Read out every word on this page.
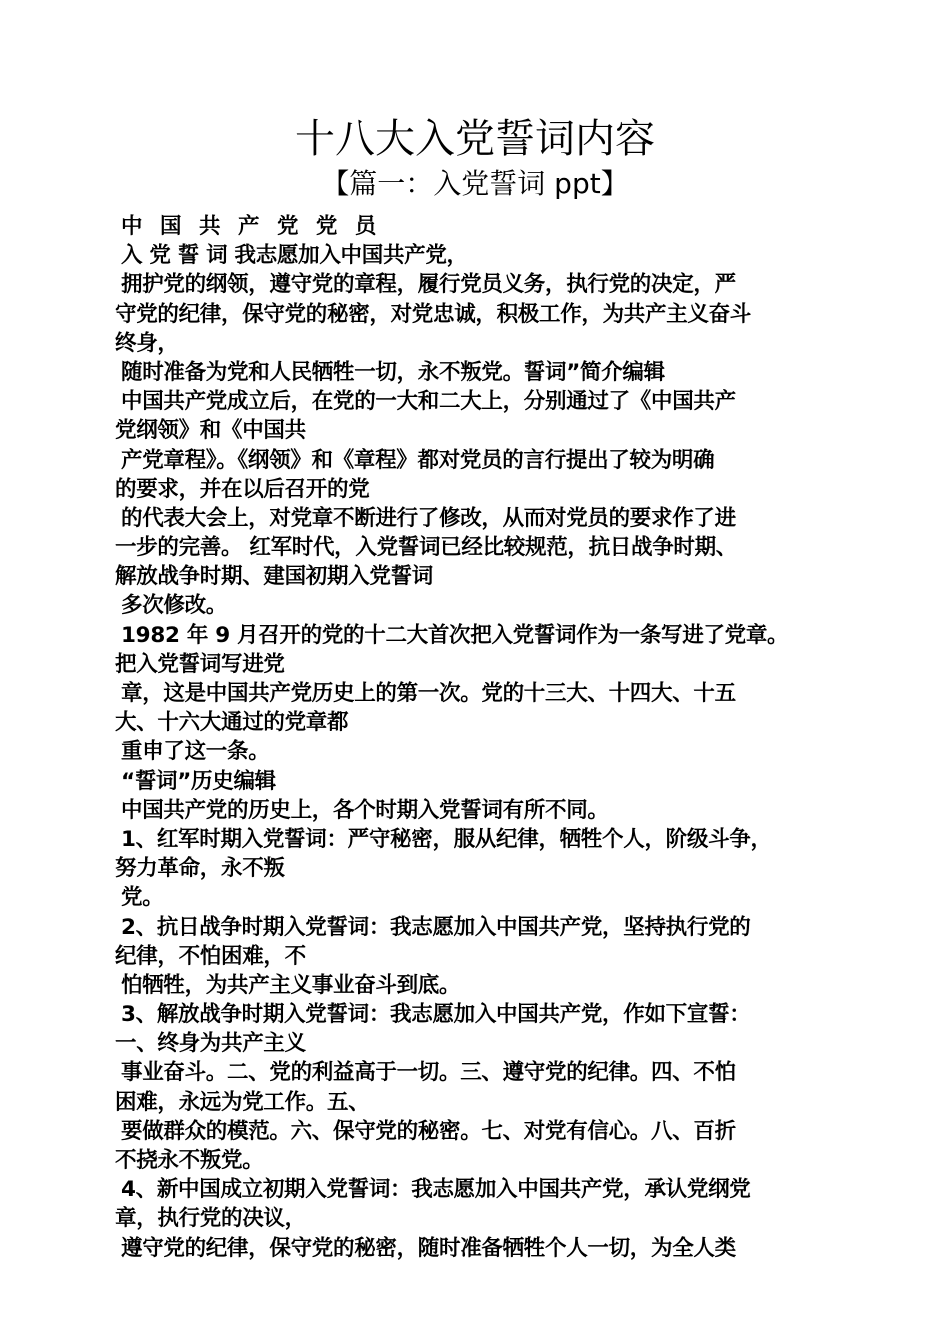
十八大入党誓词内容
【篇一：入党誓词 ppt】
中 国 共 产 党 党 员
入 党 誓 词 我志愿加入中国共产党，
拥护党的纲领，遵守党的章程，履行党员义务，执行党的决定，严
守党的纪律，保守党的秘密，对党忠诚，积极工作，为共产主义奋斗
终身，
随时准备为党和人民牺牲一切，永不叛党。誓词”简介编辑
中国共产党成立后，在党的一大和二大上，分别通过了《中国共产
党纲领》和《中国共
产党章程》。《纲领》和《章程》都对党员的言行提出了较为明确
的要求，并在以后召开的党
的代表大会上，对党章不断进行了修改，从而对党员的要求作了进
一步的完善。 红军时代，入党誓词已经比较规范，抗日战争时期、
解放战争时期、建国初期入党誓词
多次修改。
1982 年 9 月召开的党的十二大首次把入党誓词作为一条写进了党章。
把入党誓词写进党
章，这是中国共产党历史上的第一次。党的十三大、十四大、十五
大、十六大通过的党章都
重申了这一条。
“誓词”历史编辑
中国共产党的历史上，各个时期入党誓词有所不同。
1、红军时期入党誓词：严守秘密，服从纪律，牺牲个人，阶级斗争，
努力革命，永不叛
党。
2、抗日战争时期入党誓词：我志愿加入中国共产党，坚持执行党的
纪律，不怕困难，不
怕牺牲，为共产主义事业奋斗到底。
3、解放战争时期入党誓词：我志愿加入中国共产党，作如下宣誓：
一、终身为共产主义
事业奋斗。二、党的利益高于一切。三、遵守党的纪律。四、不怕
困难，永远为党工作。五、
要做群众的模范。六、保守党的秘密。七、对党有信心。八、百折
不挠永不叛党。
4、新中国成立初期入党誓词：我志愿加入中国共产党，承认党纲党
章，执行党的决议，
遵守党的纪律，保守党的秘密，随时准备牺牲个人一切，为全人类
